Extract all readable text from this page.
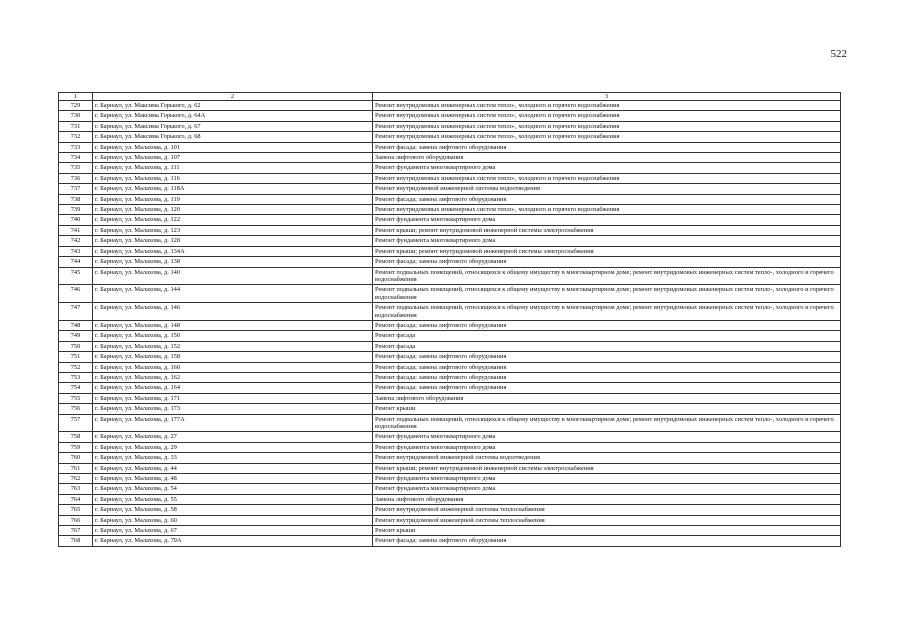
522
1	2	3
729	г. Барнаул, ул. Максима Горького, д. 62	Ремонт внутридомовых инженерных систем тепло-, холодного и горячего водоснабжения
730	г. Барнаул, ул. Максима Горького, д. 64А	Ремонт внутридомовых инженерных систем тепло-, холодного и горячего водоснабжения
731	г. Барнаул, ул. Максима Горького, д. 67	Ремонт внутридомовых инженерных систем тепло-, холодного и горячего водоснабжения
732	г. Барнаул, ул. Максима Горького, д. 68	Ремонт внутридомовых инженерных систем тепло-, холодного и горячего водоснабжения
733	г. Барнаул, ул. Малахова, д. 101	Ремонт фасада; замена лифтового оборудования
734	г. Барнаул, ул. Малахова, д. 107	Замена лифтового оборудования
735	г. Барнаул, ул. Малахова, д. 111	Ремонт фундамента многоквартирного дома
736	г. Барнаул, ул. Малахова, д. 116	Ремонт внутридомовых инженерных систем тепло-, холодного и горячего водоснабжения
737	г. Барнаул, ул. Малахова, д. 118А	Ремонт внутридомовой инженерной системы водоотведения
738	г. Барнаул, ул. Малахова, д. 119	Ремонт фасада; замена лифтового оборудования
739	г. Барнаул, ул. Малахова, д. 120	Ремонт внутридомовых инженерных систем тепло-, холодного и горячего водоснабжения
740	г. Барнаул, ул. Малахова, д. 122	Ремонт фундамента многоквартирного дома
741	г. Барнаул, ул. Малахова, д. 123	Ремонт крыши; ремонт внутридомовой инженерной системы электроснабжения
742	г. Барнаул, ул. Малахова, д. 128	Ремонт фундамента многоквартирного дома
743	г. Барнаул, ул. Малахова, д. 134А	Ремонт крыши; ремонт внутридомовой инженерной системы электроснабжения
744	г. Барнаул, ул. Малахова, д. 138	Ремонт фасада; замена лифтового оборудования
745	г. Барнаул, ул. Малахова, д. 140	Ремонт подвальных помещений, относящихся к общему имуществу в многоквартирном доме; ремонт внутридомовых инженерных систем тепло-, холодного и горячего водоснабжения
746	г. Барнаул, ул. Малахова, д. 144	Ремонт подвальных помещений, относящихся к общему имуществу в многоквартирном доме; ремонт внутридомовых инженерных систем тепло-, холодного и горячего водоснабжения
747	г. Барнаул, ул. Малахова, д. 146	Ремонт подвальных помещений, относящихся к общему имуществу в многоквартирном доме; ремонт внутридомовых инженерных систем тепло-, холодного и горячего водоснабжения
748	г. Барнаул, ул. Малахова, д. 148	Ремонт фасада; замена лифтового оборудования
749	г. Барнаул, ул. Малахова, д. 150	Ремонт фасада
750	г. Барнаул, ул. Малахова, д. 152	Ремонт фасада
751	г. Барнаул, ул. Малахова, д. 158	Ремонт фасада; замена лифтового оборудования
752	г. Барнаул, ул. Малахова, д. 160	Ремонт фасада; замена лифтового оборудования
753	г. Барнаул, ул. Малахова, д. 162	Ремонт фасада; замена лифтового оборудования
754	г. Барнаул, ул. Малахова, д. 164	Ремонт фасада; замена лифтового оборудования
755	г. Барнаул, ул. Малахова, д. 171	Замена лифтового оборудования
756	г. Барнаул, ул. Малахова, д. 173	Ремонт крыши
757	г. Барнаул, ул. Малахова, д. 177А	Ремонт подвальных помещений, относящихся к общему имуществу в многоквартирном доме; ремонт внутридомовых инженерных систем тепло-, холодного и горячего водоснабжения
758	г. Барнаул, ул. Малахова, д. 27	Ремонт фундамента многоквартирного дома
759	г. Барнаул, ул. Малахова, д. 29	Ремонт фундамента многоквартирного дома
760	г. Барнаул, ул. Малахова, д. 33	Ремонт внутридомовой инженерной системы водоотведения
761	г. Барнаул, ул. Малахова, д. 44	Ремонт крыши; ремонт внутридомовой инженерной системы электроснабжения
762	г. Барнаул, ул. Малахова, д. 48	Ремонт фундамента многоквартирного дома
763	г. Барнаул, ул. Малахова, д. 54	Ремонт фундамента многоквартирного дома
764	г. Барнаул, ул. Малахова, д. 55	Замена лифтового оборудования
765	г. Барнаул, ул. Малахова, д. 58	Ремонт внутридомовой инженерной системы теплоснабжения
766	г. Барнаул, ул. Малахова, д. 60	Ремонт внутридомовой инженерной системы теплоснабжения
767	г. Барнаул, ул. Малахова, д. 67	Ремонт крыши
768	г. Барнаул, ул. Малахова, д. 79А	Ремонт фасада; замена лифтового оборудования
